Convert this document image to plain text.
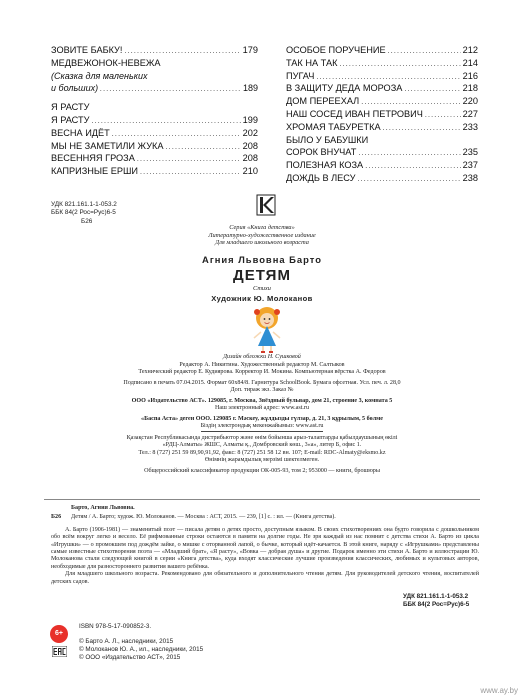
ЗОВИТЕ БАБКУ! .....	179
МЕДВЕЖОНОК-НЕВЕЖА
(Сказка для маленьких
и больших) .....	189
Я РАСТУ
Я РАСТУ .....	199
ВЕСНА ИДЁТ .....	202
МЫ НЕ ЗАМЕТИЛИ ЖУКА .....	208
ВЕСЕННЯЯ ГРОЗА .....	208
КАПРИЗНЫЕ ЕРШИ .....	210
ОСОБОЕ ПОРУЧЕНИЕ .....	212
ТАК НА ТАК .....	214
ПУГАЧ .....	216
В ЗАЩИТУ ДЕДА МОРОЗА .....	218
ДОМ ПЕРЕЕХАЛ .....	220
НАШ СОСЕД ИВАН ПЕТРОВИЧ .....	227
ХРОМАЯ ТАБУРЕТКА .....	233
БЫЛО У БАБУШКИ
СОРОК ВНУЧАТ .....	235
ПОЛЕЗНАЯ КОЗА .....	237
ДОЖДЬ В ЛЕСУ .....	238
УДК 821.161.1-1-053.2
ББК 84(2 Рос=Рус)6-5
Б26
Серия «Книга детства»
Литературно-художественное издание
Для младшего школьного возраста
Агния Львовна Барто
ДЕТЯМ
Стихи
Художник Ю. Молоканов
Дизайн обложки Н. Сушковой
Редактор А. Никитина. Художественный редактор М. Салтыков
Технический редактор Е. Кудиярова. Корректор И. Мокина. Компьютерная вёрстка А. Федоров
Подписано в печать 07.04.2015. Формат 60х84/8. Гарнитура SchoolBook. Бумага офсетная. Усл. печ. л. 28,0
Доп. тираж экз. Заказ №
ООО «Издательство АСТ». 129085, г. Москва, Звёздный бульвар, дом 21, строение 3, комната 5
Наш электронный адрес: www.ast.ru
«Баспа Аста» деген ООО. 129085 г. Мәскеу, жұлдызды гүлзар, д. 21, 3 құрылым, 5 бөлме
Біздің электрондық мекенжайымыз: www.ast.ru
Қазақстан Республикасында дистрибьютор және өнім бойынша арыз-талаптарды қабылдаушының өкілі
«РДЦ-Алматы» ЖШС, Алматы қ., Домбровский көш., 3«а», литер Б, офис 1.
Тел.: 8 (727) 251 59 89,90,91,92, факс: 8 (727) 251 58 12 вн. 107; E-mail: RDC-Almaty@eksmo.kz
Өнімнің жарамдылық мерзімі шектелмеген.
Общероссийский классификатор продукции ОК-005-93, том 2; 953000 — книги, брошюры
Барто, Агния Львовна.
Б26	Детям / А. Барто; худож. Ю. Молоканов. — Москва : АСТ, 2015. — 239, [1] с. : ил. — (Книга детства).
А. Барто (1906-1981) — знаменитый поэт — писала детям о детях просто, доступным языком. В своих стихотворениях она будто говорила с дошкольником обо всём вокруг легко и весело. Её рифмованные строки остаются в памяти на долгие годы. Не зря каждый из нас помнит с детства стихи А. Барто из цикла «Игрушки» — о промокшем под дождём зайке, о мишке с оторванной лапой, о бычке, который идёт-качается. В этой книге, наряду с «Игрушками» представлены самые известные стихотворения поэта — «Младший брат», «Я расту», «Вовка — добрая душа» и другие. Подарок именно эти стихи А. Барто и иллюстрации Ю. Молоканова стали следующей книгой в серии «Книга детства», куда входят классические лучшие произведения классических, любимых и культовых авторов, необходимые для разностороннего развития вашего ребёнка.
Для младшего школьного возраста. Рекомендовано для обязательного и дополнительного чтения детям. Для руководителей детского чтения, воспитателей детских садов.
УДК 821.161.1-1-053.2
ББК 84(2 Рос=Рус)6-5
ISBN 978-5-17-090852-3.
© Барто А. Л., наследники, 2015
© Молоканов Ю. А., ил., наследники, 2015
© ООО «Издательство АСТ», 2015
6+
www.ay.by
